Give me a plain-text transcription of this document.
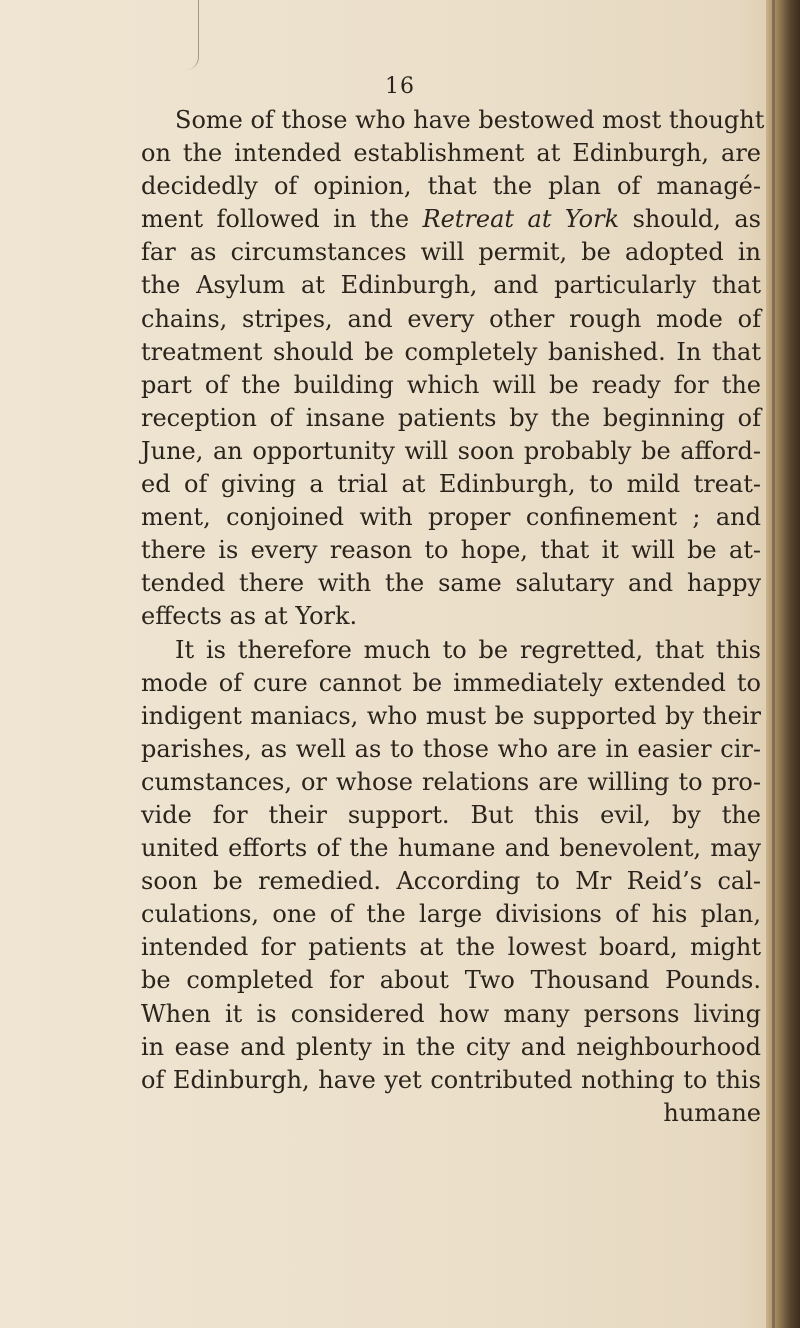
16
Some of those who have bestowed most thought
on the intended establishment at Edinburgh, are
decidedly of opinion, that the plan of managé-
ment followed in the Retreat at York should, as
far as circumstances will permit, be adopted in
the Asylum at Edinburgh, and particularly that
chains, stripes, and every other rough mode of
treatment should be completely banished. In that
part of the building which will be ready for the
reception of insane patients by the beginning of
June, an opportunity will soon probably be afford-
ed of giving a trial at Edinburgh, to mild treat-
ment, conjoined with proper confinement ; and
there is every reason to hope, that it will be at-
tended there with the same salutary and happy
effects as at York.
It is therefore much to be regretted, that this
mode of cure cannot be immediately extended to
indigent maniacs, who must be supported by their
parishes, as well as to those who are in easier cir-
cumstances, or whose relations are willing to pro-
vide for their support. But this evil, by the
united efforts of the humane and benevolent, may
soon be remedied. According to Mr Reid’s cal-
culations, one of the large divisions of his plan,
intended for patients at the lowest board, might
be completed for about Two Thousand Pounds.
When it is considered how many persons living
in ease and plenty in the city and neighbourhood
of Edinburgh, have yet contributed nothing to this
humane
